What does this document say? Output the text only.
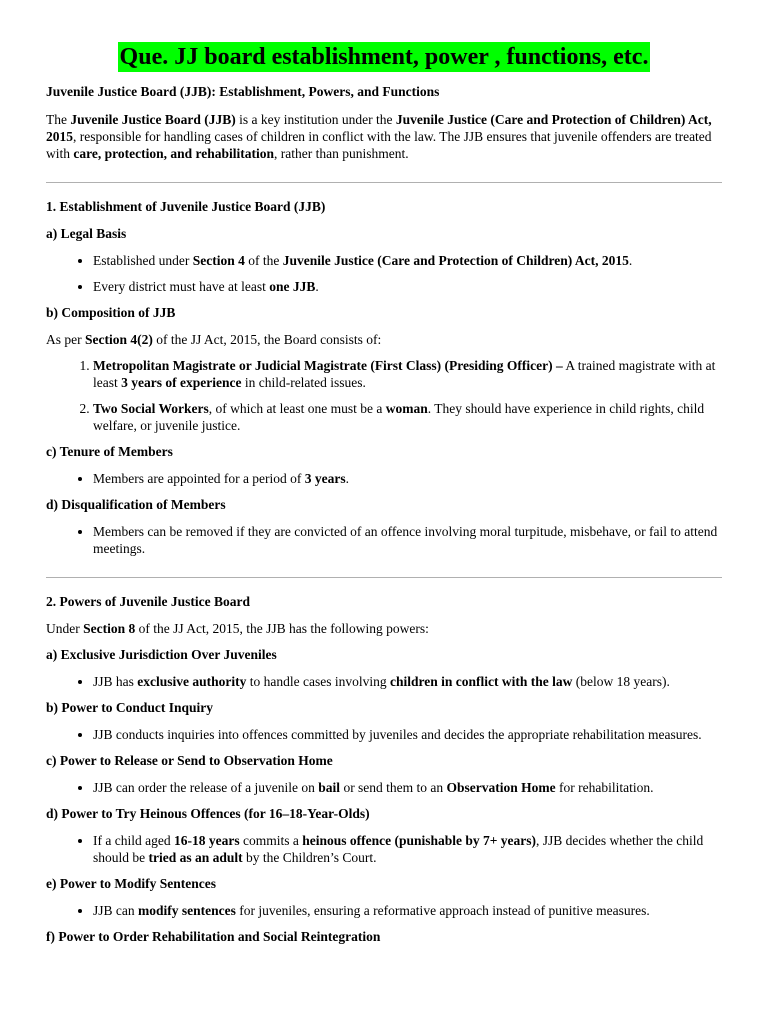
Que. JJ board establishment, power , functions, etc.
Juvenile Justice Board (JJB): Establishment, Powers, and Functions

The Juvenile Justice Board (JJB) is a key institution under the Juvenile Justice (Care and Protection of Children) Act, 2015, responsible for handling cases of children in conflict with the law. The JJB ensures that juvenile offenders are treated with care, protection, and rehabilitation, rather than punishment.

1. Establishment of Juvenile Justice Board (JJB)
a) Legal Basis
• Established under Section 4 of the Juvenile Justice (Care and Protection of Children) Act, 2015.
• Every district must have at least one JJB.
b) Composition of JJB

As per Section 4(2) of the JJ Act, 2015, the Board consists of:

1. Metropolitan Magistrate or Judicial Magistrate (First Class) (Presiding Officer) – A trained magistrate with at least 3 years of experience in child-related issues.
2. Two Social Workers, of which at least one must be a woman. They should have experience in child rights, child welfare, or juvenile justice.
c) Tenure of Members
• Members are appointed for a period of 3 years.
d) Disqualification of Members
• Members can be removed if they are convicted of an offence involving moral turpitude, misbehave, or fail to attend meetings.
2. Powers of Juvenile Justice Board

Under Section 8 of the JJ Act, 2015, the JJB has the following powers:

a) Exclusive Jurisdiction Over Juveniles
• JJB has exclusive authority to handle cases involving children in conflict with the law (below 18 years).
b) Power to Conduct Inquiry
• JJB conducts inquiries into offences committed by juveniles and decides the appropriate rehabilitation measures.
c) Power to Release or Send to Observation Home
• JJB can order the release of a juvenile on bail or send them to an Observation Home for rehabilitation.
d) Power to Try Heinous Offences (for 16–18-Year-Olds)
• If a child aged 16-18 years commits a heinous offence (punishable by 7+ years), JJB decides whether the child should be tried as an adult by the Children’s Court.
e) Power to Modify Sentences
• JJB can modify sentences for juveniles, ensuring a reformative approach instead of punitive measures.
f) Power to Order Rehabilitation and Social Reintegration
